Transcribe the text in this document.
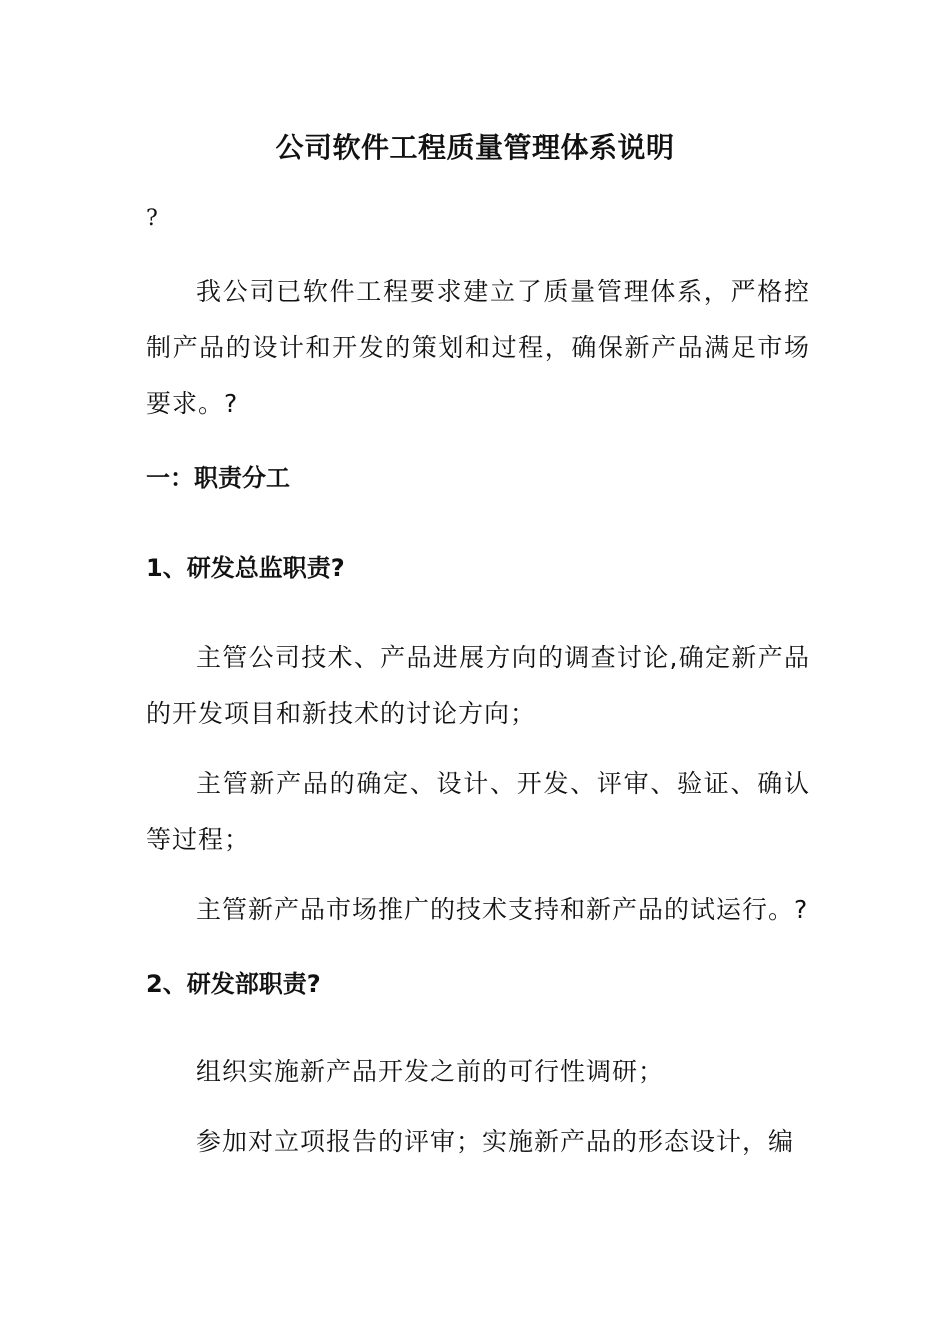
公司软件工程质量管理体系说明
?
我公司已软件工程要求建立了质量管理体系，严格控制产品的设计和开发的策划和过程，确保新产品满足市场要求。?
一：职责分工
1、研发总监职责?
主管公司技术、产品进展方向的调查讨论,确定新产品的开发项目和新技术的讨论方向；
主管新产品的确定、设计、开发、评审、验证、确认等过程；
主管新产品市场推广的技术支持和新产品的试运行。?
2、研发部职责?
组织实施新产品开发之前的可行性调研；
参加对立项报告的评审；实施新产品的形态设计，编
